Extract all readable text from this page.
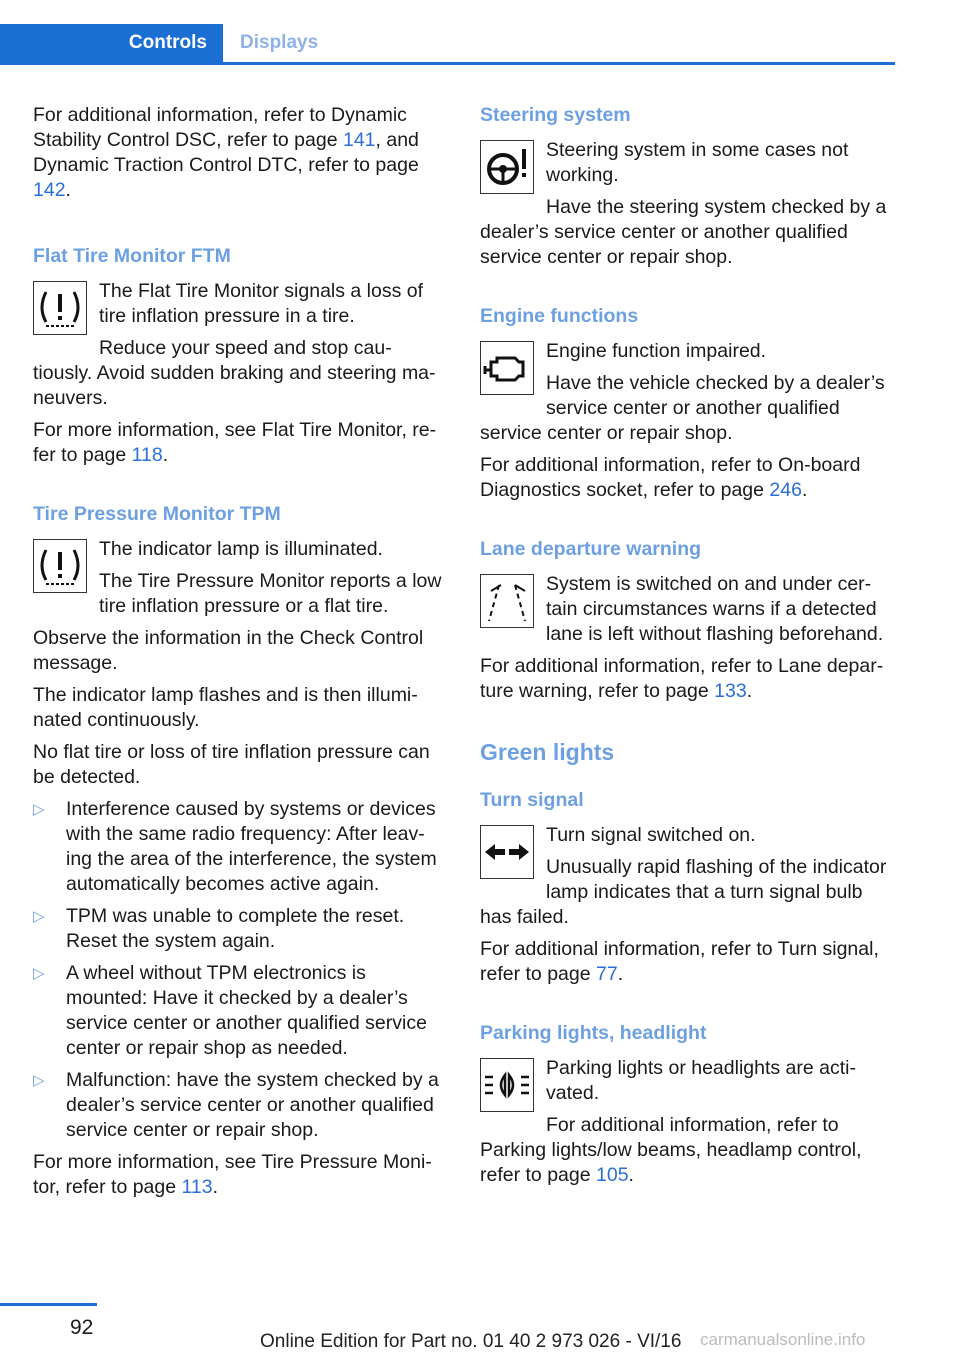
Controls Displays

For additional information, refer to Dynamic Stability Control DSC, refer to page 141, and Dynamic Traction Control DTC, refer to page 142.

Flat Tire Monitor FTM

The Flat Tire Monitor signals a loss of tire inflation pressure in a tire.

Reduce your speed and stop cau‐tiously. Avoid sudden braking and steering ma‐neuvers.

For more information, see Flat Tire Monitor, re‐fer to page 118.

Tire Pressure Monitor TPM

The indicator lamp is illuminated.

The Tire Pressure Monitor reports a low tire inflation pressure or a flat tire.

Observe the information in the Check Control message.

The indicator lamp flashes and is then illumi‐nated continuously.

No flat tire or loss of tire inflation pressure can be detected.

▷ Interference caused by systems or devices with the same radio frequency: After leav‐ing the area of the interference, the system automatically becomes active again.
▷ TPM was unable to complete the reset. Reset the system again.
▷ A wheel without TPM electronics is mounted: Have it checked by a dealer’s service center or another qualified service center or repair shop as needed.
▷ Malfunction: have the system checked by a dealer’s service center or another qualified service center or repair shop.

For more information, see Tire Pressure Moni‐tor, refer to page 113.

Steering system

Steering system in some cases not working.

Have the steering system checked by a dealer’s service center or another qualified service center or repair shop.

Engine functions

Engine function impaired.

Have the vehicle checked by a dealer’s service center or another qualified service center or repair shop.

For additional information, refer to On-board Diagnostics socket, refer to page 246.

Lane departure warning

System is switched on and under cer‐tain circumstances warns if a detected lane is left without flashing beforehand.

For additional information, refer to Lane depar‐ture warning, refer to page 133.

Green lights
Turn signal

Turn signal switched on.

Unusually rapid flashing of the indicator lamp indicates that a turn signal bulb has failed.

For additional information, refer to Turn signal, refer to page 77.

Parking lights, headlight

Parking lights or headlights are acti‐vated.

For additional information, refer to Parking lights/low beams, headlamp control, refer to page 105.

92
Online Edition for Part no. 01 40 2 973 026 - VI/16 carmanualsonline.info
